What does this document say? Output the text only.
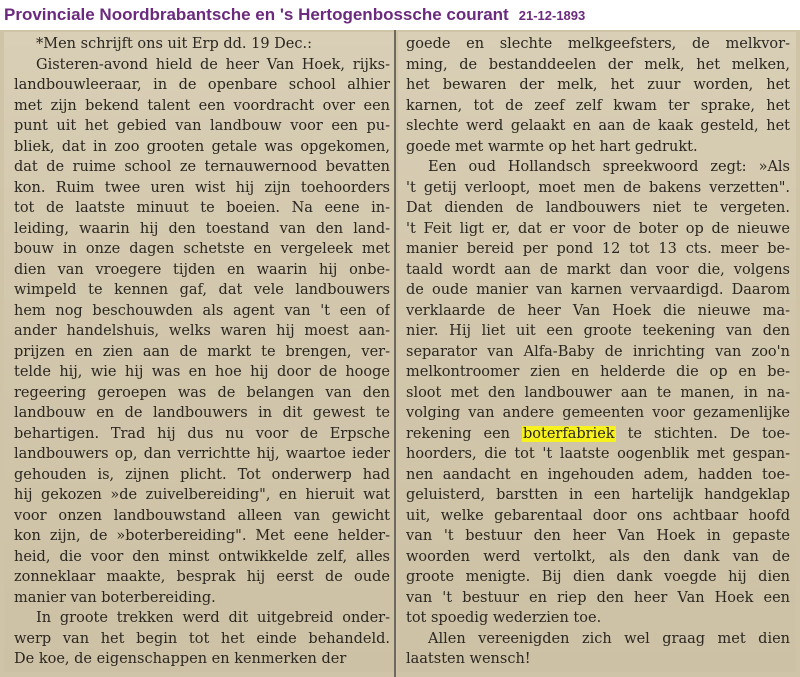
Provinciale Noordbrabantsche en 's Hertogenbossche courant 21-12-1893
*Men schrijft ons uit Erp dd. 19 Dec.:
Gisteren-avond hield de heer Van Hoek, rijks-
landbouwleeraar, in de openbare school alhier
met zijn bekend talent een voordracht over een
punt uit het gebied van landbouw voor een pu-
bliek, dat in zoo grooten getale was opgekomen,
dat de ruime school ze ternauwernood bevatten
kon. Ruim twee uren wist hij zijn toehoorders
tot de laatste minuut te boeien. Na eene in-
leiding, waarin hij den toestand van den land-
bouw in onze dagen schetste en vergeleek met
dien van vroegere tijden en waarin hij onbe-
wimpeld te kennen gaf, dat vele landbouwers
hem nog beschouwden als agent van 't een of
ander handelshuis, welks waren hij moest aan-
prijzen en zien aan de markt te brengen, ver-
telde hij, wie hij was en hoe hij door de hooge
regeering geroepen was de belangen van den
landbouw en de landbouwers in dit gewest te
behartigen. Trad hij dus nu voor de Erpsche
landbouwers op, dan verrichtte hij, waartoe ieder
gehouden is, zijnen plicht. Tot onderwerp had
hij gekozen »de zuivelbereiding", en hieruit wat
voor onzen landbouwstand alleen van gewicht
kon zijn, de »boterbereiding". Met eene helder-
heid, die voor den minst ontwikkelde zelf, alles
zonneklaar maakte, besprak hij eerst de oude
manier van boterbereiding.
In groote trekken werd dit uitgebreid onder-
werp van het begin tot het einde behandeld.
De koe, de eigenschappen en kenmerken der
goede en slechte melkgeefsters, de melkvor-
ming, de bestanddeelen der melk, het melken,
het bewaren der melk, het zuur worden, het
karnen, tot de zeef zelf kwam ter sprake, het
slechte werd gelaakt en aan de kaak gesteld, het
goede met warmte op het hart gedrukt.
Een oud Hollandsch spreekwoord zegt: »Als
't getij verloopt, moet men de bakens verzetten".
Dat dienden de landbouwers niet te vergeten.
't Feit ligt er, dat er voor de boter op de nieuwe
manier bereid per pond 12 tot 13 cts. meer be-
taald wordt aan de markt dan voor die, volgens
de oude manier van karnen vervaardigd. Daarom
verklaarde de heer Van Hoek die nieuwe ma-
nier. Hij liet uit een groote teekening van den
separator van Alfa-Baby de inrichting van zoo'n
melkontroomer zien en helderde die op en be-
sloot met den landbouwer aan te manen, in na-
volging van andere gemeenten voor gezamenlijke
rekening een boterfabriek te stichten. De toe-
hoorders, die tot 't laatste oogenblik met gespan-
nen aandacht en ingehouden adem, hadden toe-
geluisterd, barstten in een hartelijk handgeklap
uit, welke gebarentaal door ons achtbaar hoofd
van 't bestuur den heer Van Hoek in gepaste
woorden werd vertolkt, als den dank van de
groote menigte. Bij dien dank voegde hij dien
van 't bestuur en riep den heer Van Hoek een
tot spoedig wederzien toe.
Allen vereenigden zich wel graag met dien
laatsten wensch!
